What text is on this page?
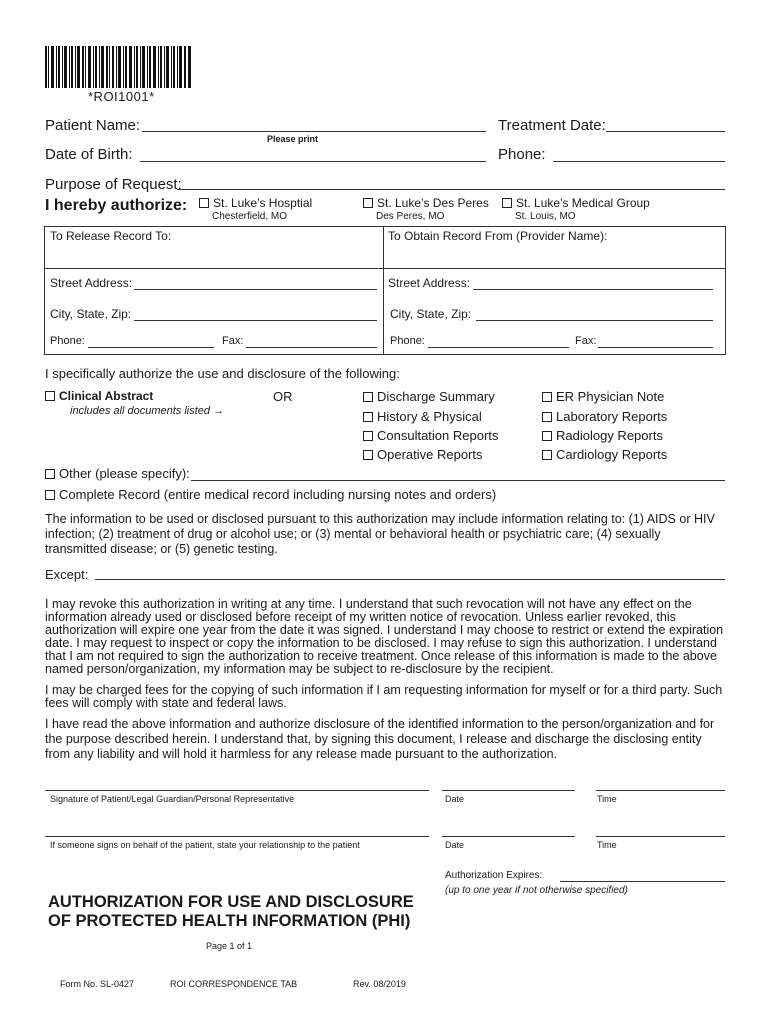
*ROI1001*
Patient Name:
Please print
Treatment Date:
Date of Birth:	Phone:
Purpose of Request:
I hereby authorize:	St. Luke’s Hosptial
Chesterfield, MO
St. Luke’s Des Peres
Des Peres, MO
St. Luke’s Medical Group
St. Louis, MO
To Release Record To:	To Obtain Record From (Provider Name):
Street Address:	Street Address:
City, State, Zip:	City, State, Zip:
Phone:	Fax:	Phone:	Fax:
I specifically authorize the use and disclosure of the following:
Clinical Abstract
includes all documents listed →
OR	Discharge Summary
History & Physical
Consultation Reports
Operative Reports
ER Physician Note
Laboratory Reports
Radiology Reports
Cardiology Reports
Other (please specify):
Complete Record (entire medical record including nursing notes and orders)
The information to be used or disclosed pursuant to this authorization may include information relating to: (1) AIDS or HIV infection; (2) treatment of drug or alcohol use; or (3) mental or behavioral health or psychiatric care; (4) sexually transmitted disease; or (5) genetic testing.
Except:
I may revoke this authorization in writing at any time. I understand that such revocation will not have any effect on the information already used or disclosed before receipt of my written notice of revocation. Unless earlier revoked, this authorization will expire one year from the date it was signed. I understand I may choose to restrict or extend the expiration date. I may request to inspect or copy the information to be disclosed. I may refuse to sign this authorization. I understand that I am not required to sign the authorization to receive treatment. Once release of this information is made to the above named person/organization, my information may be subject to re-disclosure by the recipient.
I may be charged fees for the copying of such information if I am requesting information for myself or for a third party. Such fees will comply with state and federal laws.
I have read the above information and authorize disclosure of the identified information to the person/organization and for the purpose described herein. I understand that, by signing this document, I release and discharge the disclosing entity from any liability and will hold it harmless for any release made pursuant to the authorization.
Signature of Patient/Legal Guardian/Personal Representative	Date	Time
If someone signs on behalf of the patient, state your relationship to the patient	Date	Time
Authorization Expires:
(up to one year if not otherwise specified)
AUTHORIZATION FOR USE AND DISCLOSURE
OF PROTECTED HEALTH INFORMATION (PHI)
Page 1 of 1
Form No. SL-0427	ROI CORRESPONDENCE TAB	Rev. 08/2019
